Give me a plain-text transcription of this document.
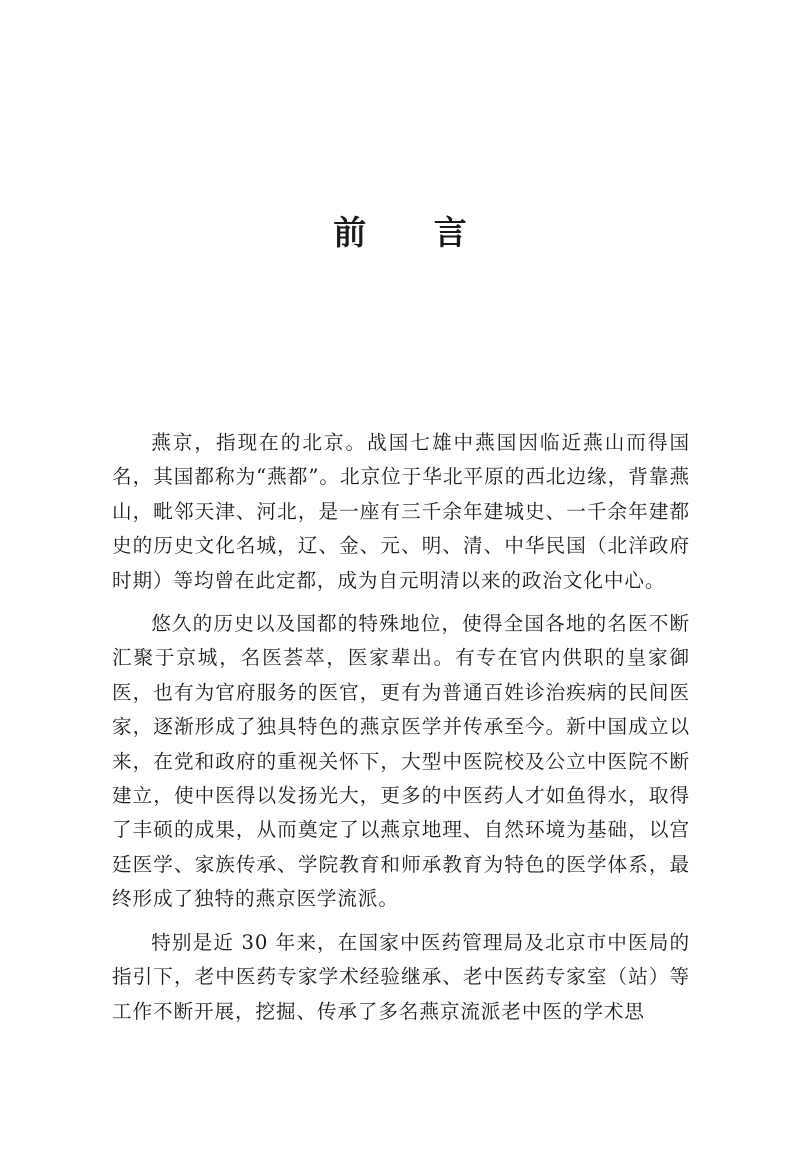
前 言

燕京，指现在的北京。战国七雄中燕国因临近燕山而得国名，其国都称为“燕都”。北京位于华北平原的西北边缘，背靠燕山，毗邻天津、河北，是一座有三千余年建城史、一千余年建都史的历史文化名城，辽、金、元、明、清、中华民国（北洋政府时期）等均曾在此定都，成为自元明清以来的政治文化中心。

悠久的历史以及国都的特殊地位，使得全国各地的名医不断汇聚于京城，名医荟萃，医家辈出。有专在官内供职的皇家御医，也有为官府服务的医官，更有为普通百姓诊治疾病的民间医家，逐渐形成了独具特色的燕京医学并传承至今。新中国成立以来，在党和政府的重视关怀下，大型中医院校及公立中医院不断建立，使中医得以发扬光大，更多的中医药人才如鱼得水，取得了丰硕的成果，从而奠定了以燕京地理、自然环境为基础，以宫廷医学、家族传承、学院教育和师承教育为特色的医学体系，最终形成了独特的燕京医学流派。

特别是近 30 年来，在国家中医药管理局及北京市中医局的指引下，老中医药专家学术经验继承、老中医药专家室（站）等工作不断开展，挖掘、传承了多名燕京流派老中医的学术思
